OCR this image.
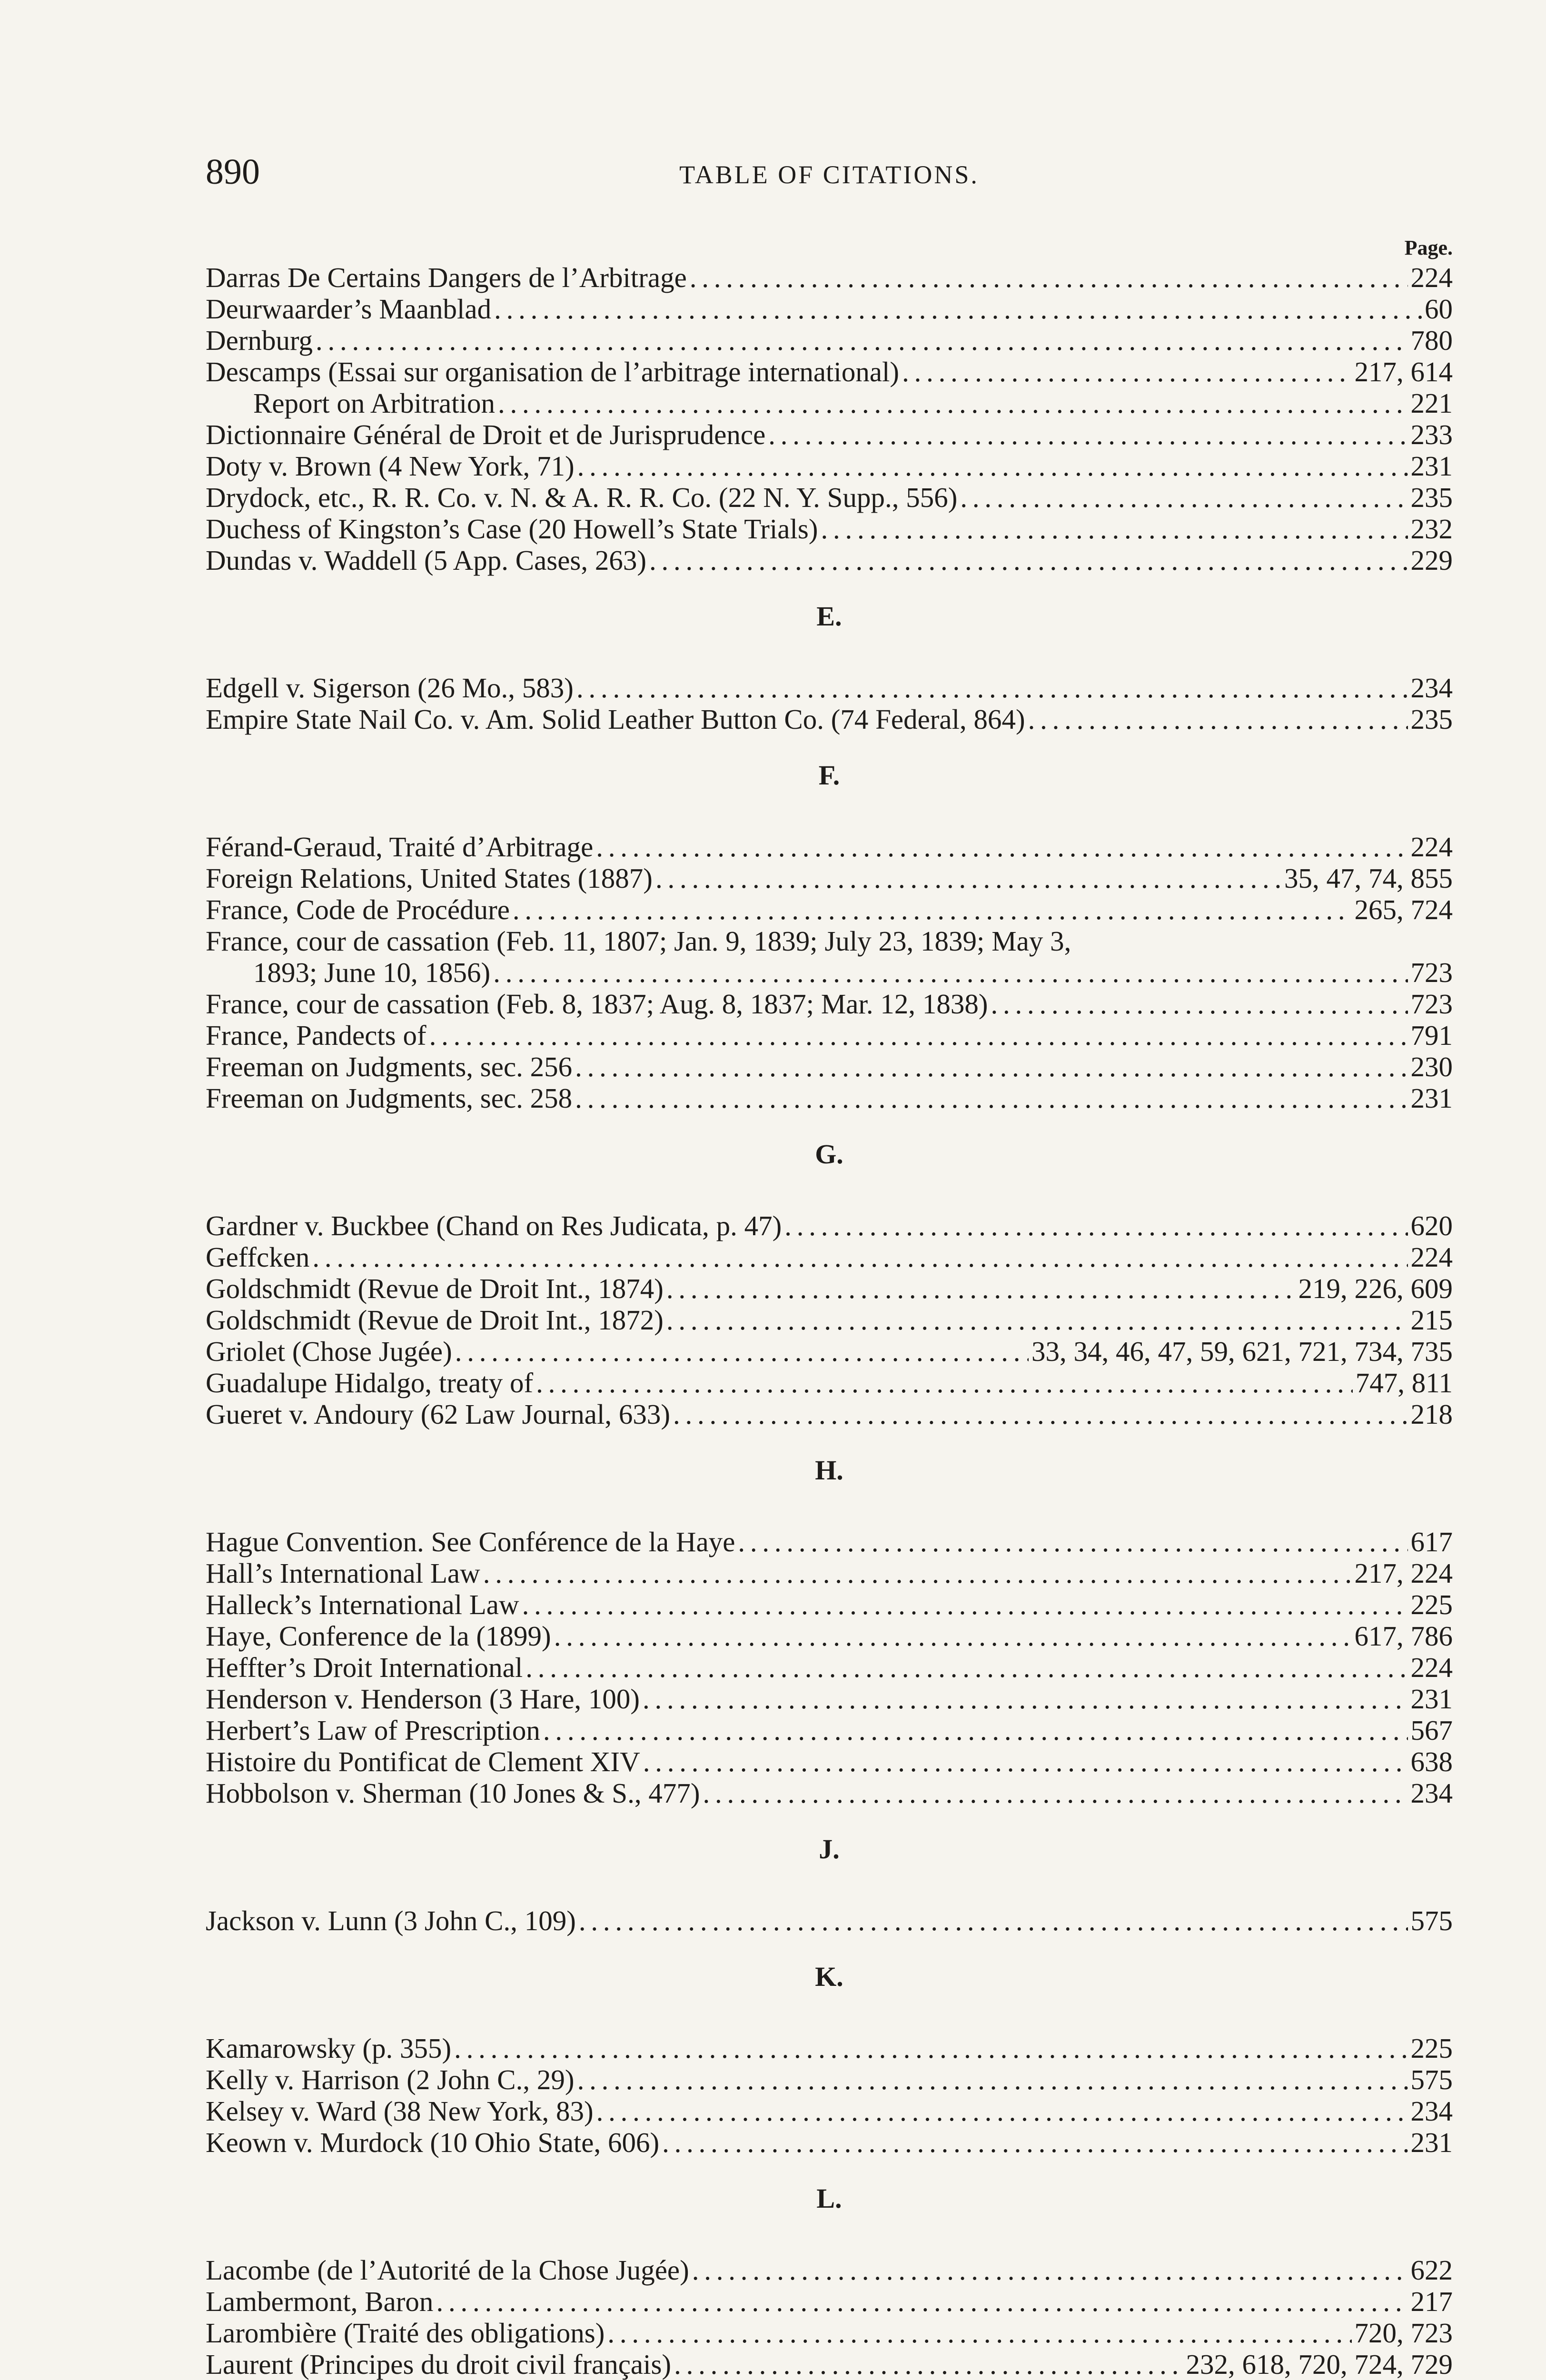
890	TABLE OF CITATIONS.
Page.
Darras De Certains Dangers de l’Arbitrage . . .	224
Deurwaarder’s Maanblad . . .	60
Dernburg . . .	780
Descamps (Essai sur organisation de l’arbitrage international) . . .	217, 614
Report on Arbitration . . .	221
Dictionnaire Général de Droit et de Jurisprudence . . .	233
Doty v. Brown (4 New York, 71) . . .	231
Drydock, etc., R. R. Co. v. N. & A. R. R. Co. (22 N. Y. Supp., 556) . . .	235
Duchess of Kingston’s Case (20 Howell’s State Trials) . . .	232
Dundas v. Waddell (5 App. Cases, 263) . . .	229
E.
Edgell v. Sigerson (26 Mo., 583) . . .	234
Empire State Nail Co. v. Am. Solid Leather Button Co. (74 Federal, 864) . . .	235
F.
Férand-Geraud, Traité d’Arbitrage . . .	224
Foreign Relations, United States (1887) . . .	35, 47, 74, 855
France, Code de Procédure . . .	265, 724
France, cour de cassation (Feb. 11, 1807; Jan. 9, 1839; July 23, 1839; May 3,
1893; June 10, 1856) . . .	723
France, cour de cassation (Feb. 8, 1837; Aug. 8, 1837; Mar. 12, 1838) . . .	723
France, Pandects of . . .	791
Freeman on Judgments, sec. 256 . . .	230
Freeman on Judgments, sec. 258 . . .	231
G.
Gardner v. Buckbee (Chand on Res Judicata, p. 47) . . .	620
Geffcken . . .	224
Goldschmidt (Revue de Droit Int., 1874) . . .	219, 226, 609
Goldschmidt (Revue de Droit Int., 1872) . . .	215
Griolet (Chose Jugée) . . .	33, 34, 46, 47, 59, 621, 721, 734, 735
Guadalupe Hidalgo, treaty of . . .	747, 811
Gueret v. Andoury (62 Law Journal, 633) . . .	218
H.
Hague Convention. See Conférence de la Haye . . .	617
Hall’s International Law . . .	217, 224
Halleck’s International Law . . .	225
Haye, Conference de la (1899) . . .	617, 786
Heffter’s Droit International . . .	224
Henderson v. Henderson (3 Hare, 100) . . .	231
Herbert’s Law of Prescription . . .	567
Histoire du Pontificat de Clement XIV . . .	638
Hobbolson v. Sherman (10 Jones & S., 477) . . .	234
J.
Jackson v. Lunn (3 John C., 109) . . .	575
K.
Kamarowsky (p. 355) . . .	225
Kelly v. Harrison (2 John C., 29) . . .	575
Kelsey v. Ward (38 New York, 83) . . .	234
Keown v. Murdock (10 Ohio State, 606) . . .	231
L.
Lacombe (de l’Autorité de la Chose Jugée) . . .	622
Lambermont, Baron . . .	217
Larombière (Traité des obligations) . . .	720, 723
Laurent (Principes du droit civil français) . . .	232, 618, 720, 724, 729
